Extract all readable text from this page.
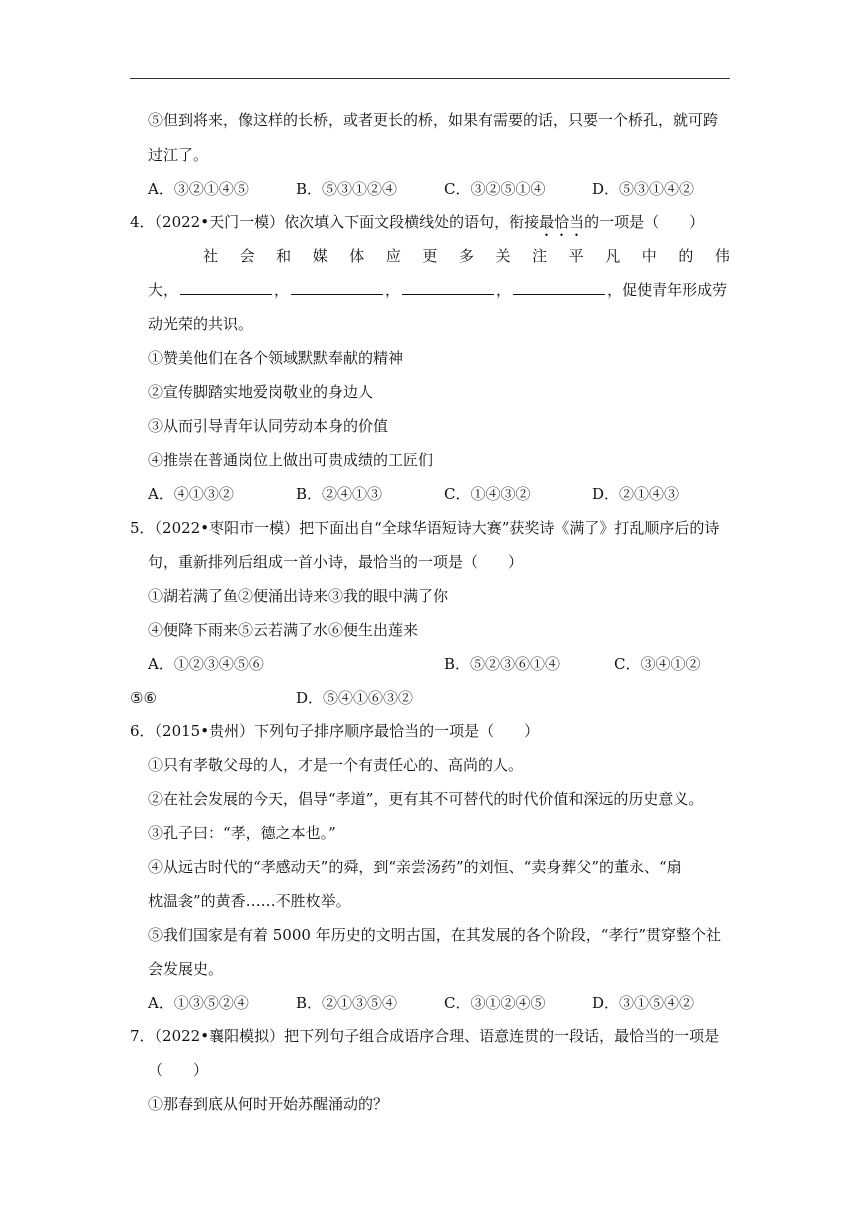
⑤但到将来，像这样的长桥，或者更长的桥，如果有需要的话，只要一个桥孔，就可跨
过江了。
A．③②①④⑤	B．⑤③①②④	C．③②⑤①④	D．⑤③①④②
4．（2022•天门一模）依次填入下面文段横线处的语句，衔接最恰当的一项是（　　）
社 会 和 媒 体 应 更 多 关 注 平 凡 中 的 伟
大，	，	，	，	，促使青年形成劳
动光荣的共识。
①赞美他们在各个领域默默奉献的精神
②宣传脚踏实地爱岗敬业的身边人
③从而引导青年认同劳动本身的价值
④推崇在普通岗位上做出可贵成绩的工匠们
A．④①③②	B．②④①③	C．①④③②	D．②①④③
5．（2022•枣阳市一模）把下面出自“全球华语短诗大赛”获奖诗《满了》打乱顺序后的诗
句，重新排列后组成一首小诗，最恰当的一项是（　　）
①湖若满了鱼②便涌出诗来③我的眼中满了你
④便降下雨来⑤云若满了水⑥便生出莲来
A．①②③④⑤⑥	B．⑤②③⑥①④	C．③④①②
⑤⑥	D．⑤④①⑥③②
6．（2015•贵州）下列句子排序顺序最恰当的一项是（　　）
①只有孝敬父母的人，才是一个有责任心的、高尚的人。
②在社会发展的今天，倡导“孝道”，更有其不可替代的时代价值和深远的历史意义。
③孔子曰：“孝，德之本也。”
④从远古时代的“孝感动天”的舜，到“亲尝汤药”的刘恒、“卖身葬父”的董永、“扇
枕温衾”的黄香……不胜枚举。
⑤我们国家是有着 5000 年历史的文明古国，在其发展的各个阶段，“孝行”贯穿整个社
会发展史。
A．①③⑤②④	B．②①③⑤④	C．③①②④⑤	D．③①⑤④②
7．（2022•襄阳模拟）把下列句子组合成语序合理、语意连贯的一段话，最恰当的一项是
（　　）
①那春到底从何时开始苏醒涌动的？
